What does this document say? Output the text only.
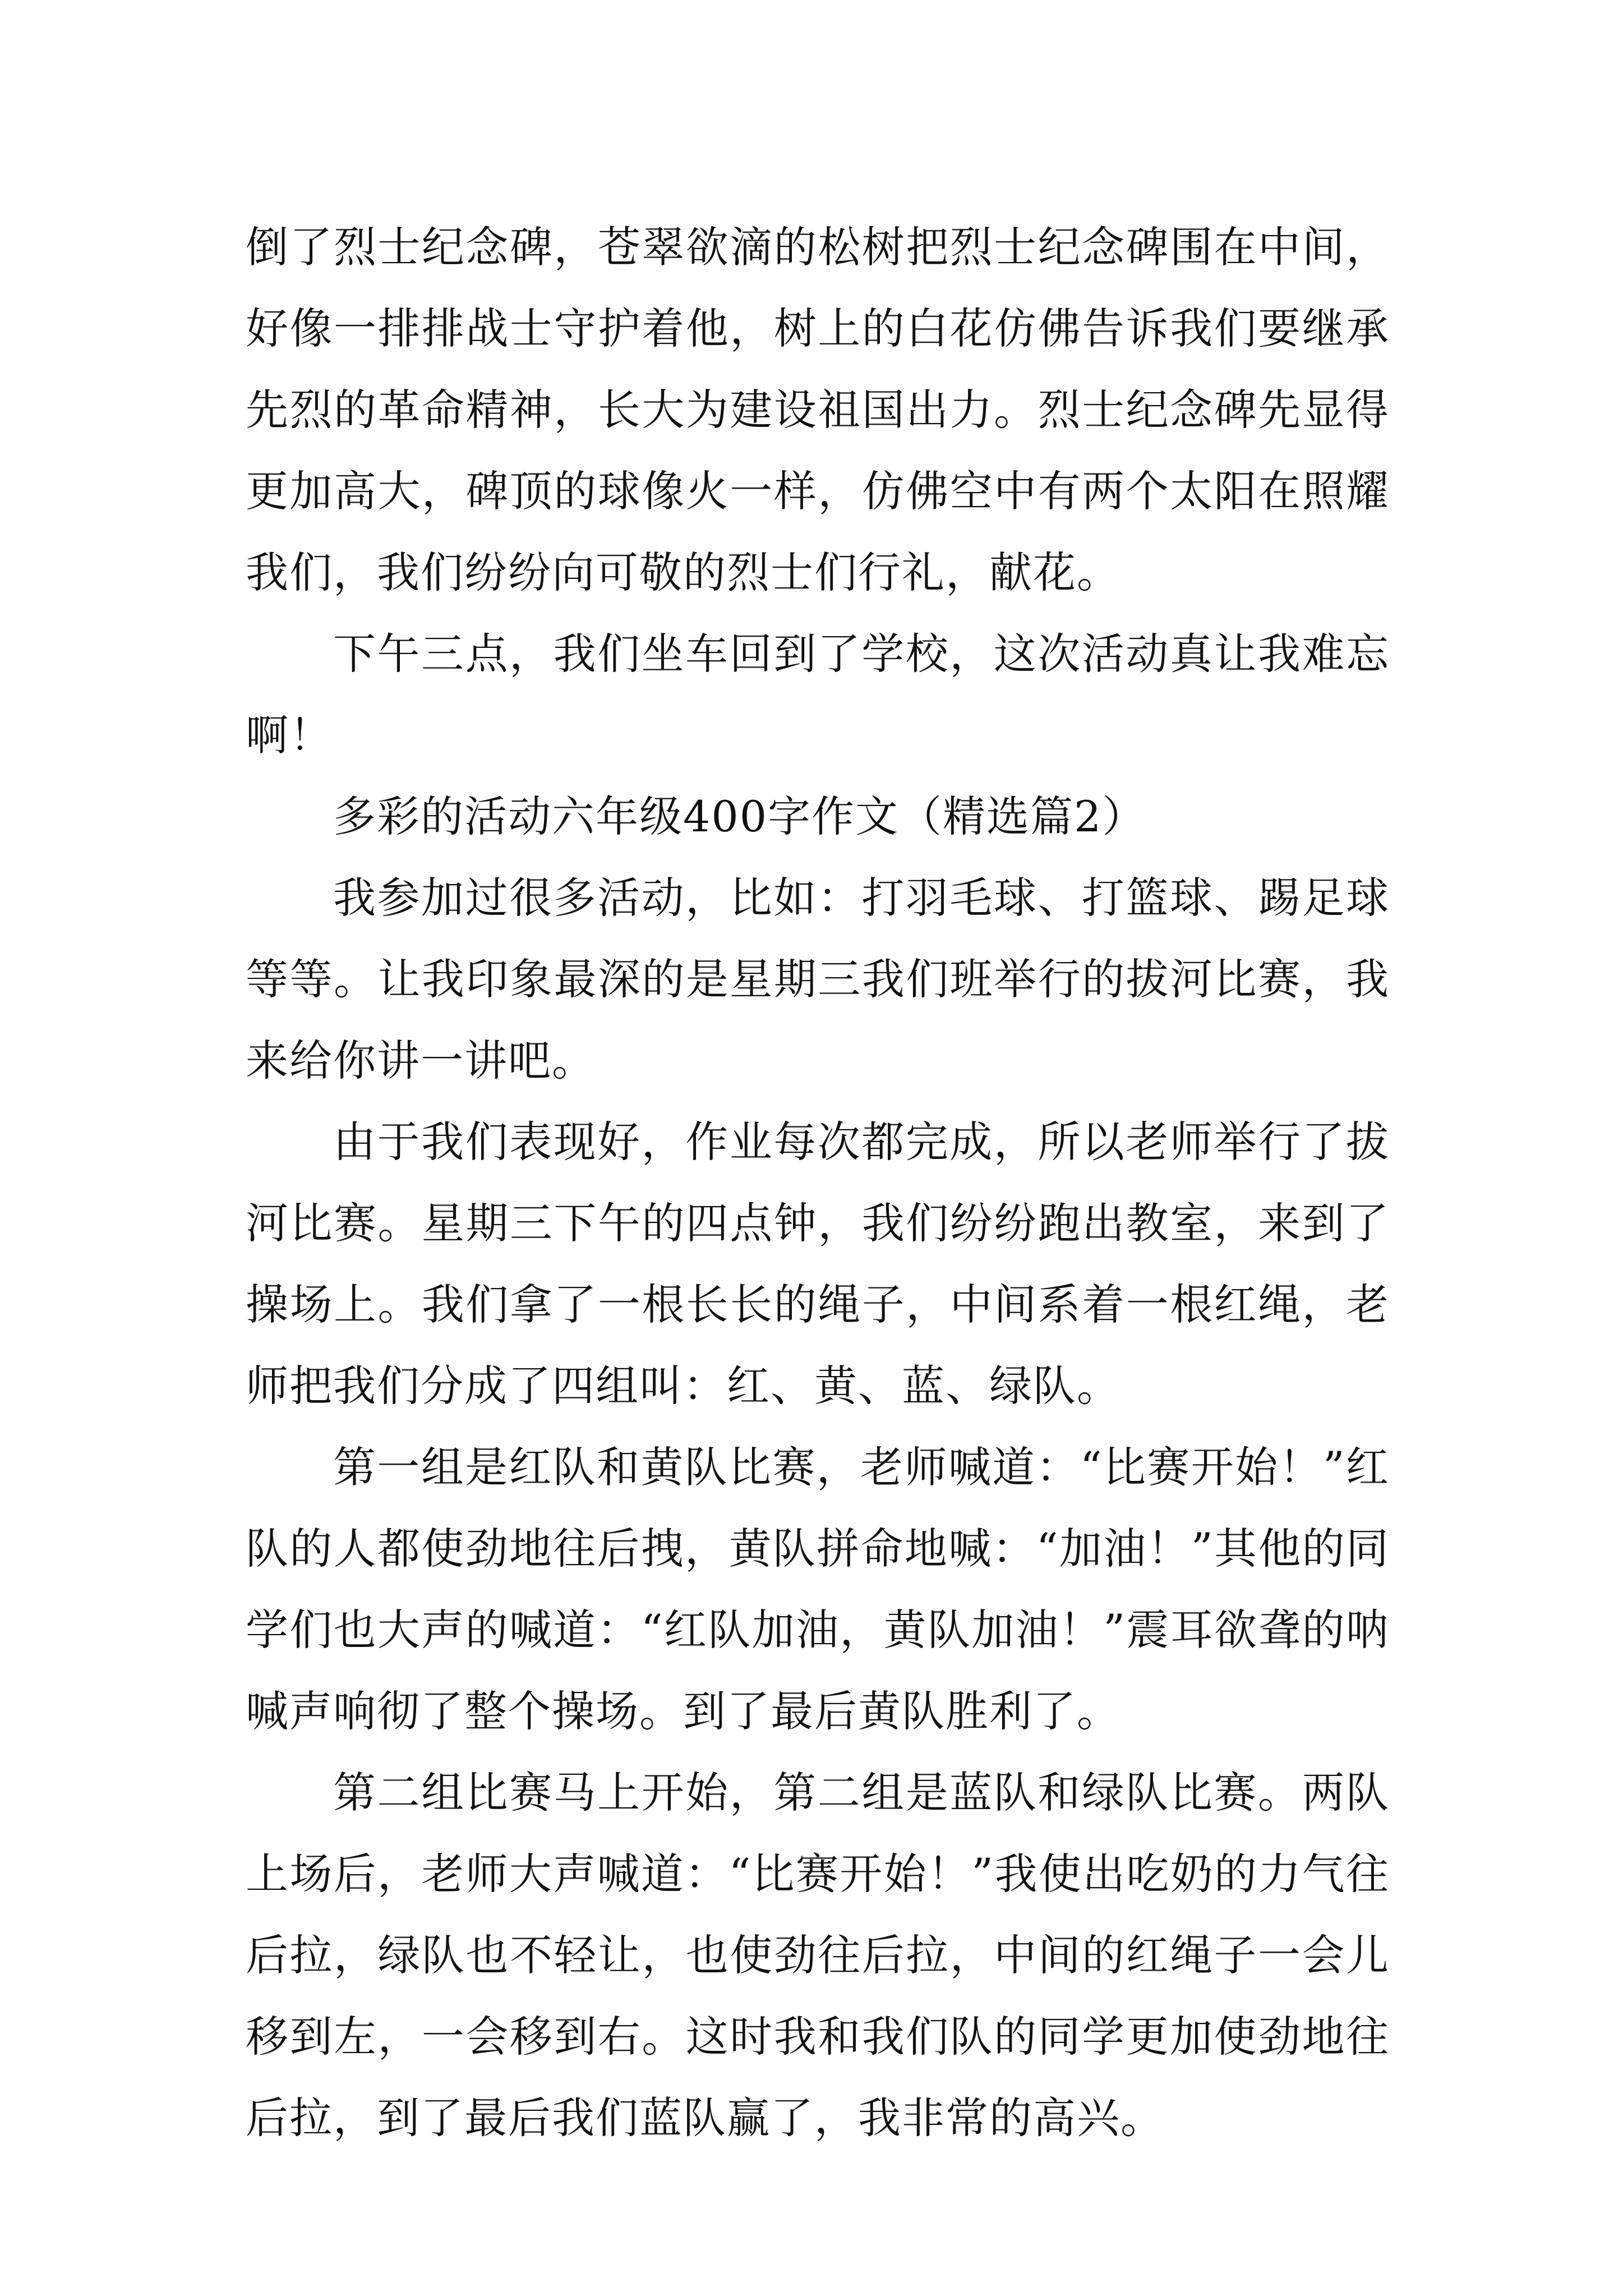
倒了烈士纪念碑，苍翠欲滴的松树把烈士纪念碑围在中间，好像一排排战士守护着他，树上的白花仿佛告诉我们要继承先烈的革命精神，长大为建设祖国出力。烈士纪念碑先显得更加高大，碑顶的球像火一样，仿佛空中有两个太阳在照耀我们，我们纷纷向可敬的烈士们行礼，献花。

下午三点，我们坐车回到了学校，这次活动真让我难忘啊！

多彩的活动六年级400字作文（精选篇2）

我参加过很多活动，比如：打羽毛球、打篮球、踢足球等等。让我印象最深的是星期三我们班举行的拔河比赛，我来给你讲一讲吧。

由于我们表现好，作业每次都完成，所以老师举行了拔河比赛。星期三下午的四点钟，我们纷纷跑出教室，来到了操场上。我们拿了一根长长的绳子，中间系着一根红绳，老师把我们分成了四组叫：红、黄、蓝、绿队。

第一组是红队和黄队比赛，老师喊道：“比赛开始！”红队的人都使劲地往后拽，黄队拼命地喊：“加油！”其他的同学们也大声的喊道：“红队加油，黄队加油！”震耳欲聋的呐喊声响彻了整个操场。到了最后黄队胜利了。

第二组比赛马上开始，第二组是蓝队和绿队比赛。两队上场后，老师大声喊道：“比赛开始！”我使出吃奶的力气往后拉，绿队也不轻让，也使劲往后拉，中间的红绳子一会儿移到左，一会移到右。这时我和我们队的同学更加使劲地往后拉，到了最后我们蓝队赢了，我非常的高兴。
